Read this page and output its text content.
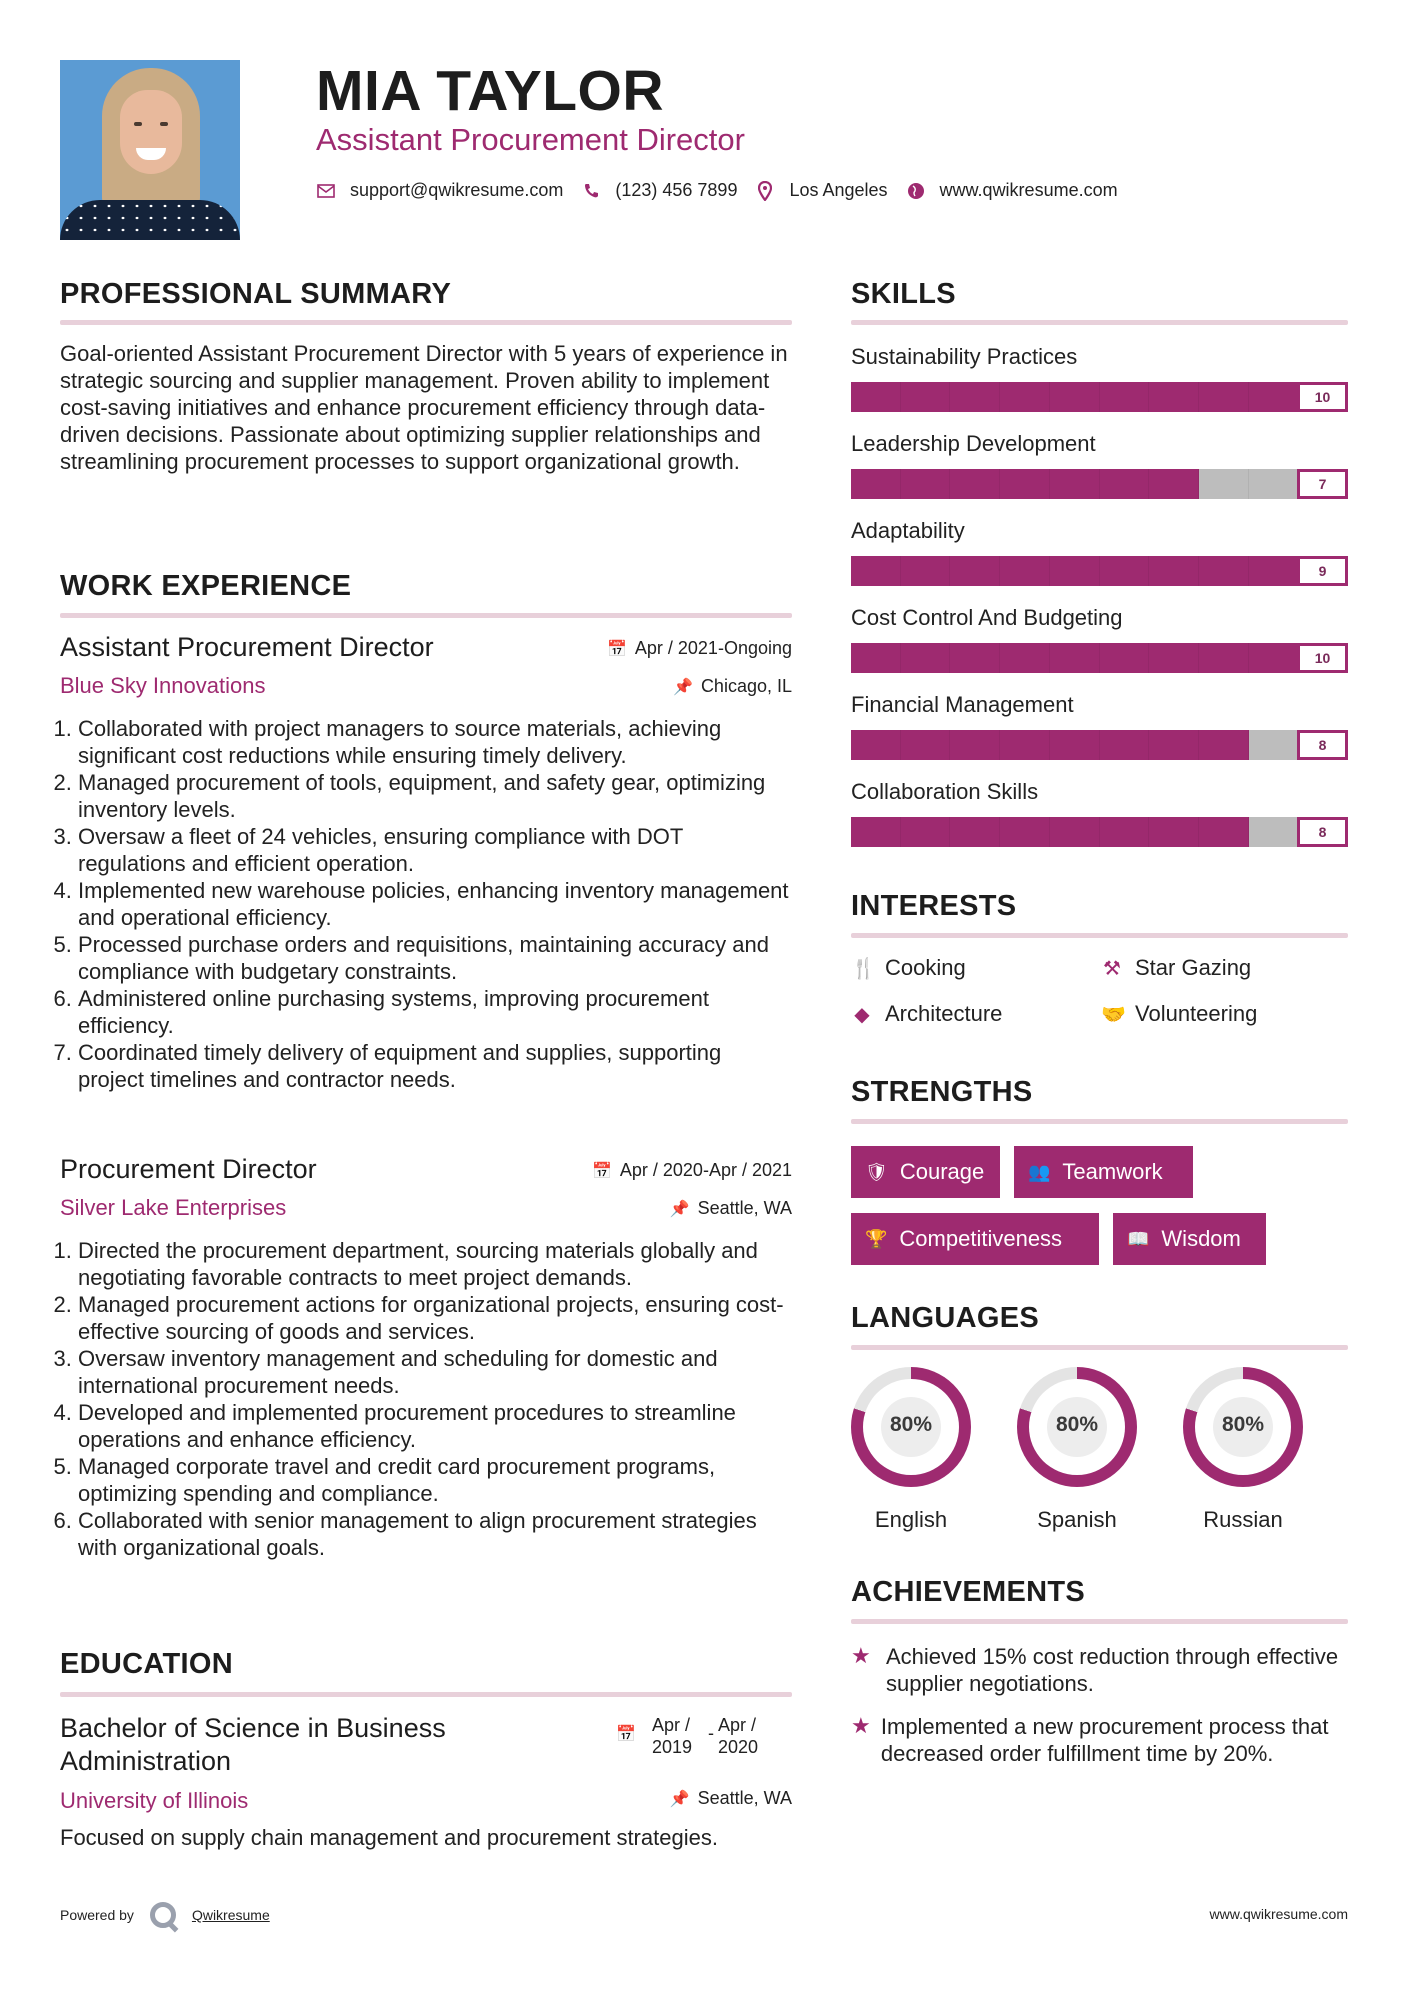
MIA TAYLOR
Assistant Procurement Director
support@qwikresume.com	(123) 456 7899	Los Angeles	www.qwikresume.com
PROFESSIONAL SUMMARY
Goal-oriented Assistant Procurement Director with 5 years of experience in strategic sourcing and supplier management. Proven ability to implement cost-saving initiatives and enhance procurement efficiency through data-driven decisions. Passionate about optimizing supplier relationships and streamlining procurement processes to support organizational growth.
WORK EXPERIENCE
Assistant Procurement Director
Blue Sky Innovations
📅 Apr / 2021-Ongoing
📌 Chicago, IL
1. Collaborated with project managers to source materials, achieving significant cost reductions while ensuring timely delivery.
2. Managed procurement of tools, equipment, and safety gear, optimizing inventory levels.
3. Oversaw a fleet of 24 vehicles, ensuring compliance with DOT regulations and efficient operation.
4. Implemented new warehouse policies, enhancing inventory management and operational efficiency.
5. Processed purchase orders and requisitions, maintaining accuracy and compliance with budgetary constraints.
6. Administered online purchasing systems, improving procurement efficiency.
7. Coordinated timely delivery of equipment and supplies, supporting project timelines and contractor needs.
Procurement Director
Silver Lake Enterprises
📅 Apr / 2020-Apr / 2021
📌 Seattle, WA
1. Directed the procurement department, sourcing materials globally and negotiating favorable contracts to meet project demands.
2. Managed procurement actions for organizational projects, ensuring cost-effective sourcing of goods and services.
3. Oversaw inventory management and scheduling for domestic and international procurement needs.
4. Developed and implemented procurement procedures to streamline operations and enhance efficiency.
5. Managed corporate travel and credit card procurement programs, optimizing spending and compliance.
6. Collaborated with senior management to align procurement strategies with organizational goals.
EDUCATION
Bachelor of Science in Business Administration
📅 Apr / 2019
- Apr / 2020
University of Illinois	📌 Seattle, WA
Focused on supply chain management and procurement strategies.
SKILLS
Sustainability Practices
10
Leadership Development
7
Adaptability
9
Cost Control And Budgeting
10
Financial Management
8
Collaboration Skills
8
INTERESTS
🍴 Cooking	⚒ Star Gazing
◆ Architecture	🤝 Volunteering
STRENGTHS
🛡 Courage 👥 Teamwork
🏆 Competitiveness	📖 Wisdom
LANGUAGES
80%
English
80%
Spanish
80%
Russian
ACHIEVEMENTS
★ Achieved 15% cost reduction through effective supplier negotiations.
★ Implemented a new procurement process that decreased order fulfillment time by 20%.
Powered by	Qwikresume	www.qwikresume.com
